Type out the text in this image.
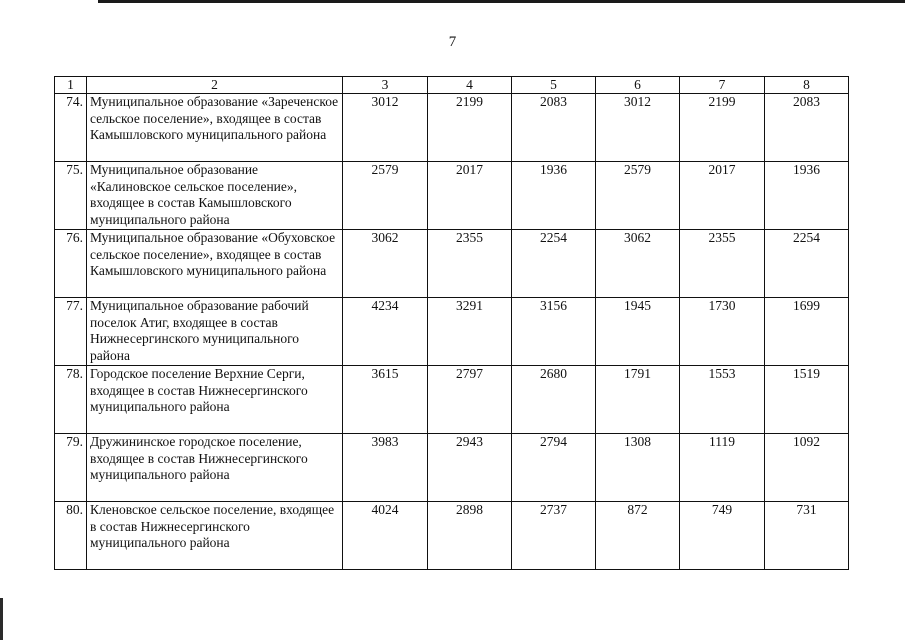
7
1	2	3	4	5	6	7	8
74.	Муниципальное образование «Зареченское сельское поселение», входящее в состав Камышловского муниципального района	3012	2199	2083	3012	2199	2083
75.	Муниципальное образование «Калиновское сельское поселение», входящее в состав Камышловского муниципального района	2579	2017	1936	2579	2017	1936
76.	Муниципальное образование «Обуховское сельское поселение», входящее в состав Камышловского муниципального района	3062	2355	2254	3062	2355	2254
77.	Муниципальное образование рабочий поселок Атиг, входящее в состав Нижнесергинского муниципального района	4234	3291	3156	1945	1730	1699
78.	Городское поселение Верхние Серги, входящее в состав Нижнесергинского муниципального района	3615	2797	2680	1791	1553	1519
79.	Дружининское городское поселение, входящее в состав Нижнесергинского муниципального района	3983	2943	2794	1308	1119	1092
80.	Кленовское сельское поселение, входящее в состав Нижнесергинского муниципального района	4024	2898	2737	872	749	731
